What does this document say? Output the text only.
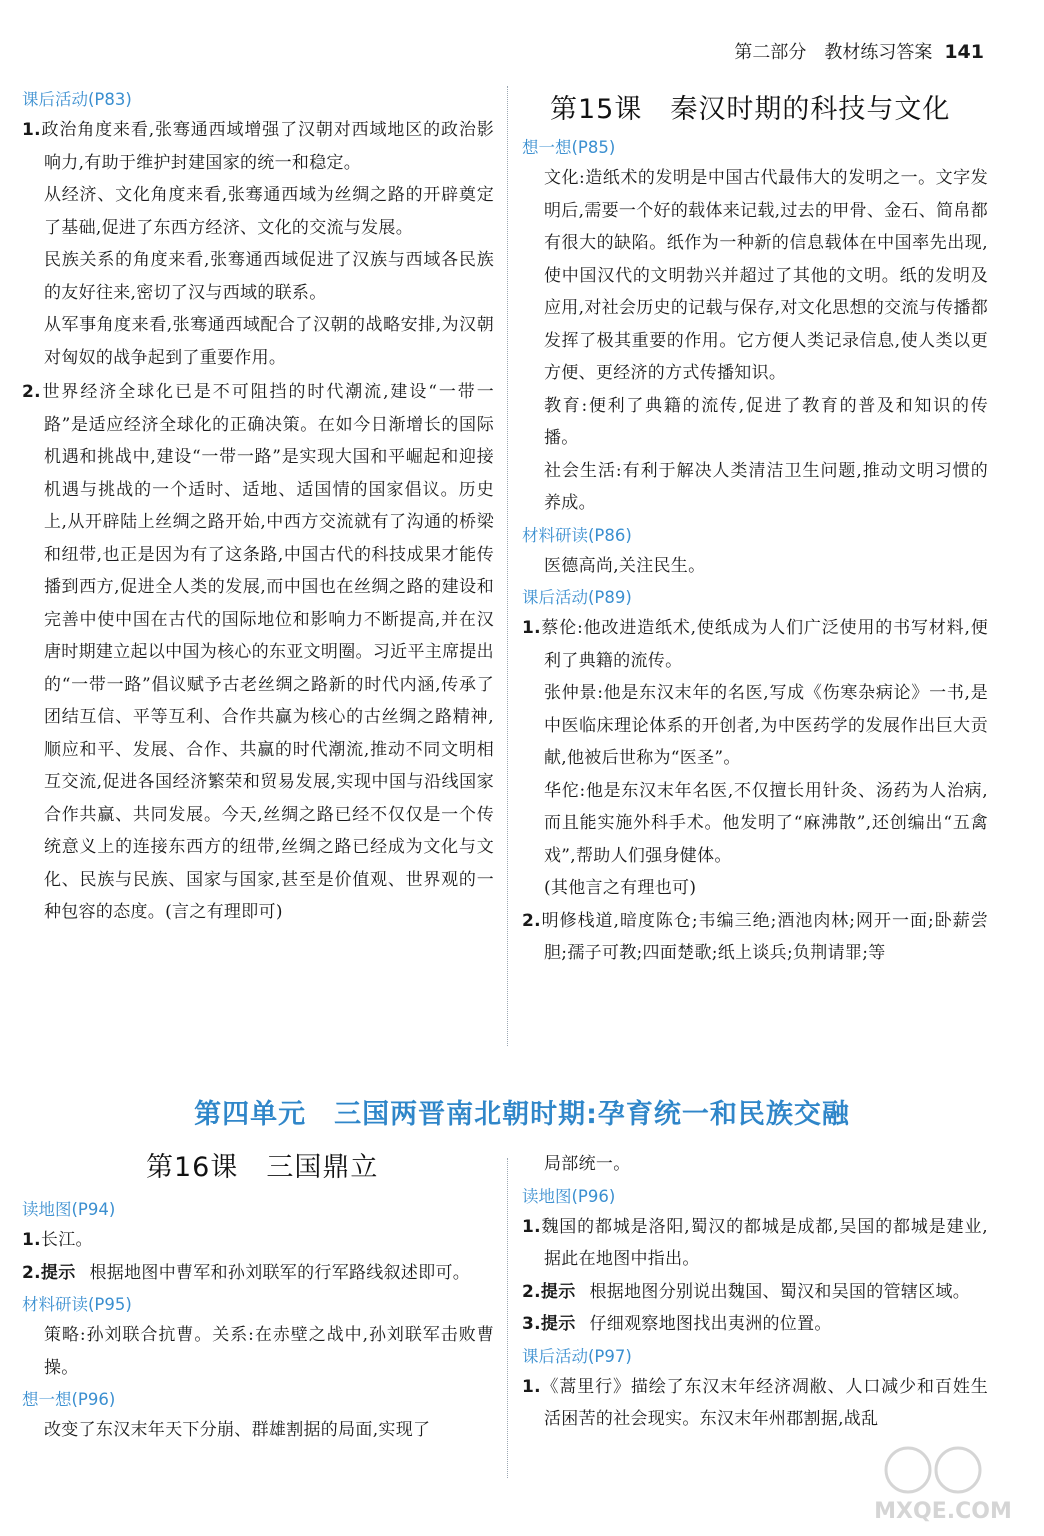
第二部分　教材练习答案 141
课后活动(P83)
1.政治角度来看,张骞通西域增强了汉朝对西域地区的政治影响力,有助于维护封建国家的统一和稳定。
从经济、文化角度来看,张骞通西域为丝绸之路的开辟奠定了基础,促进了东西方经济、文化的交流与发展。
民族关系的角度来看,张骞通西域促进了汉族与西域各民族的友好往来,密切了汉与西域的联系。
从军事角度来看,张骞通西域配合了汉朝的战略安排,为汉朝对匈奴的战争起到了重要作用。
2.世界经济全球化已是不可阻挡的时代潮流,建设“一带一路”是适应经济全球化的正确决策。在如今日渐增长的国际机遇和挑战中,建设“一带一路”是实现大国和平崛起和迎接机遇与挑战的一个适时、适地、适国情的国家倡议。历史上,从开辟陆上丝绸之路开始,中西方交流就有了沟通的桥梁和纽带,也正是因为有了这条路,中国古代的科技成果才能传播到西方,促进全人类的发展,而中国也在丝绸之路的建设和完善中使中国在古代的国际地位和影响力不断提高,并在汉唐时期建立起以中国为核心的东亚文明圈。习近平主席提出的“一带一路”倡议赋予古老丝绸之路新的时代内涵,传承了团结互信、平等互利、合作共赢为核心的古丝绸之路精神,顺应和平、发展、合作、共赢的时代潮流,推动不同文明相互交流,促进各国经济繁荣和贸易发展,实现中国与沿线国家合作共赢、共同发展。今天,丝绸之路已经不仅仅是一个传统意义上的连接东西方的纽带,丝绸之路已经成为文化与文化、民族与民族、国家与国家,甚至是价值观、世界观的一种包容的态度。(言之有理即可)
第15课　秦汉时期的科技与文化
想一想(P85)
文化:造纸术的发明是中国古代最伟大的发明之一。文字发明后,需要一个好的载体来记载,过去的甲骨、金石、简帛都有很大的缺陷。纸作为一种新的信息载体在中国率先出现,使中国汉代的文明勃兴并超过了其他的文明。纸的发明及应用,对社会历史的记载与保存,对文化思想的交流与传播都发挥了极其重要的作用。它方便人类记录信息,使人类以更方便、更经济的方式传播知识。
教育:便利了典籍的流传,促进了教育的普及和知识的传播。
社会生活:有利于解决人类清洁卫生问题,推动文明习惯的养成。
材料研读(P86)
医德高尚,关注民生。
课后活动(P89)
1.蔡伦:他改进造纸术,使纸成为人们广泛使用的书写材料,便利了典籍的流传。
张仲景:他是东汉末年的名医,写成《伤寒杂病论》一书,是中医临床理论体系的开创者,为中医药学的发展作出巨大贡献,他被后世称为“医圣”。
华佗:他是东汉末年名医,不仅擅长用针灸、汤药为人治病,而且能实施外科手术。他发明了“麻沸散”,还创编出“五禽戏”,帮助人们强身健体。
(其他言之有理也可)
2.明修栈道,暗度陈仓;韦编三绝;酒池肉林;网开一面;卧薪尝胆;孺子可教;四面楚歌;纸上谈兵;负荆请罪;等
第四单元　三国两晋南北朝时期:孕育统一和民族交融
第16课　三国鼎立
读地图(P94)
1.长江。
2.提示 根据地图中曹军和孙刘联军的行军路线叙述即可。
材料研读(P95)
策略:孙刘联合抗曹。关系:在赤壁之战中,孙刘联军击败曹操。
想一想(P96)
改变了东汉末年天下分崩、群雄割据的局面,实现了
局部统一。
读地图(P96)
1.魏国的都城是洛阳,蜀汉的都城是成都,吴国的都城是建业,据此在地图中指出。
2.提示 根据地图分别说出魏国、蜀汉和吴国的管辖区域。
3.提示 仔细观察地图找出夷洲的位置。
课后活动(P97)
1.《蒿里行》描绘了东汉末年经济凋敝、人口减少和百姓生活困苦的社会现实。东汉末年州郡割据,战乱
MXQE.COM
